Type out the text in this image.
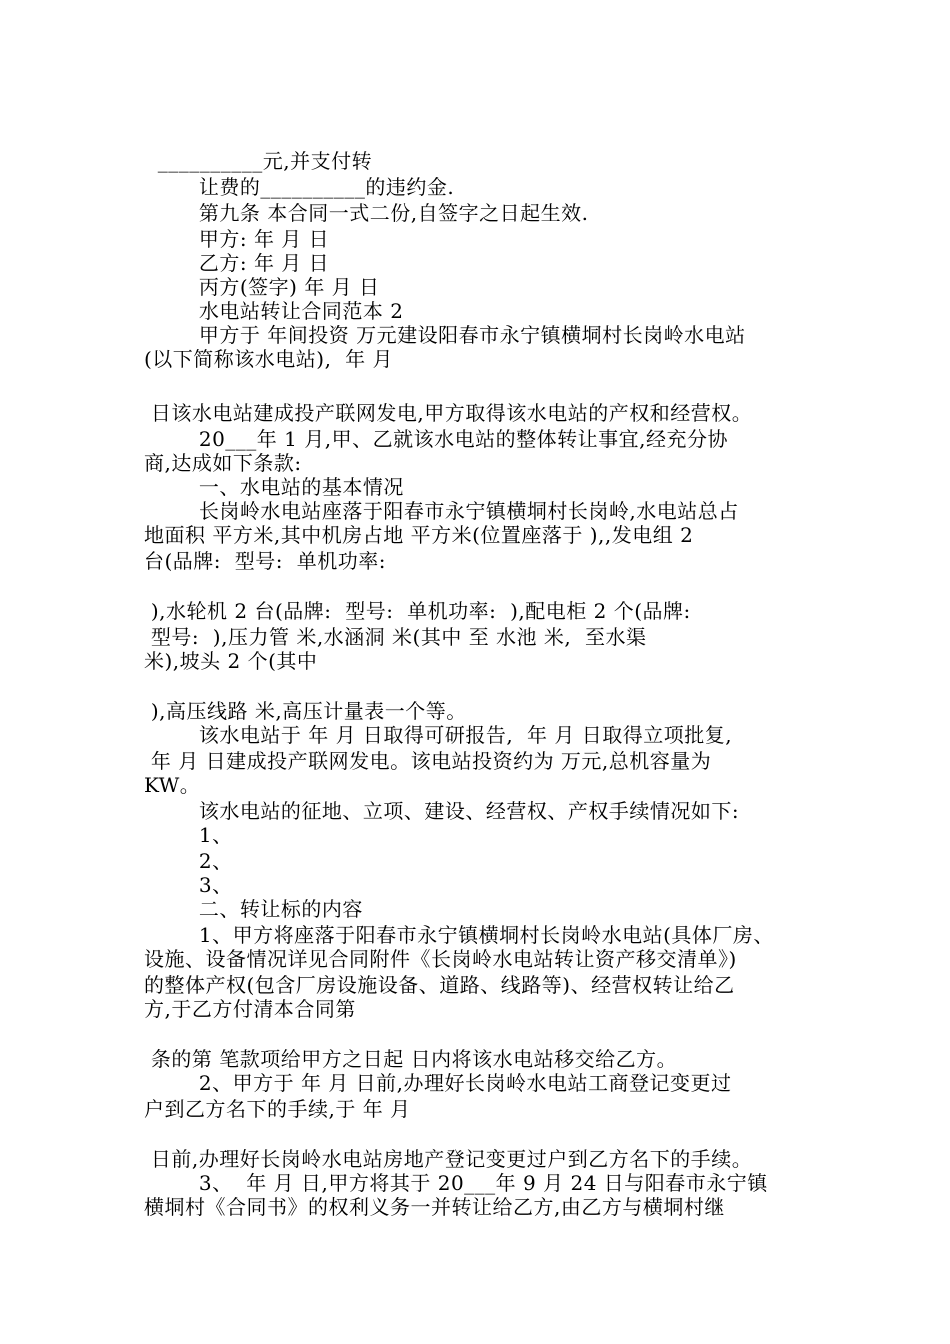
__________元,并支付转
让费的__________的违约金.
第九条 本合同一式二份,自签字之日起生效.
甲方: 年 月 日
乙方: 年 月 日
丙方(签字) 年 月 日
水电站转让合同范本 2
甲方于 年间投资 万元建设阳春市永宁镇横垌村长岗岭水电站
(以下简称该水电站),  年 月
日该水电站建成投产联网发电,甲方取得该水电站的产权和经营权。
20___年 1 月,甲、乙就该水电站的整体转让事宜,经充分协
商,达成如下条款:
一、水电站的基本情况
长岗岭水电站座落于阳春市永宁镇横垌村长岗岭,水电站总占
地面积 平方米,其中机房占地 平方米(位置座落于 ),,发电组 2
台(品牌:  型号:  单机功率:
),水轮机 2 台(品牌:  型号:  单机功率:  ),配电柜 2 个(品牌:
型号:  ),压力管 米,水涵洞 米(其中 至 水池 米,  至水渠
米),坡头 2 个(其中
),高压线路 米,高压计量表一个等。
该水电站于 年 月 日取得可研报告,  年 月 日取得立项批复,
年 月 日建成投产联网发电。该电站投资约为 万元,总机容量为
KW。
该水电站的征地、立项、建设、经营权、产权手续情况如下:
1、
2、
3、
二、转让标的内容
1、甲方将座落于阳春市永宁镇横垌村长岗岭水电站(具体厂房、
设施、设备情况详见合同附件《长岗岭水电站转让资产移交清单》)
的整体产权(包含厂房设施设备、道路、线路等)、经营权转让给乙
方,于乙方付清本合同第
条的第 笔款项给甲方之日起 日内将该水电站移交给乙方。
2、甲方于 年 月 日前,办理好长岗岭水电站工商登记变更过
户到乙方名下的手续,于 年 月
日前,办理好长岗岭水电站房地产登记变更过户到乙方名下的手续。
3、  年 月 日,甲方将其于 20___年 9 月 24 日与阳春市永宁镇
横垌村《合同书》的权利义务一并转让给乙方,由乙方与横垌村继
